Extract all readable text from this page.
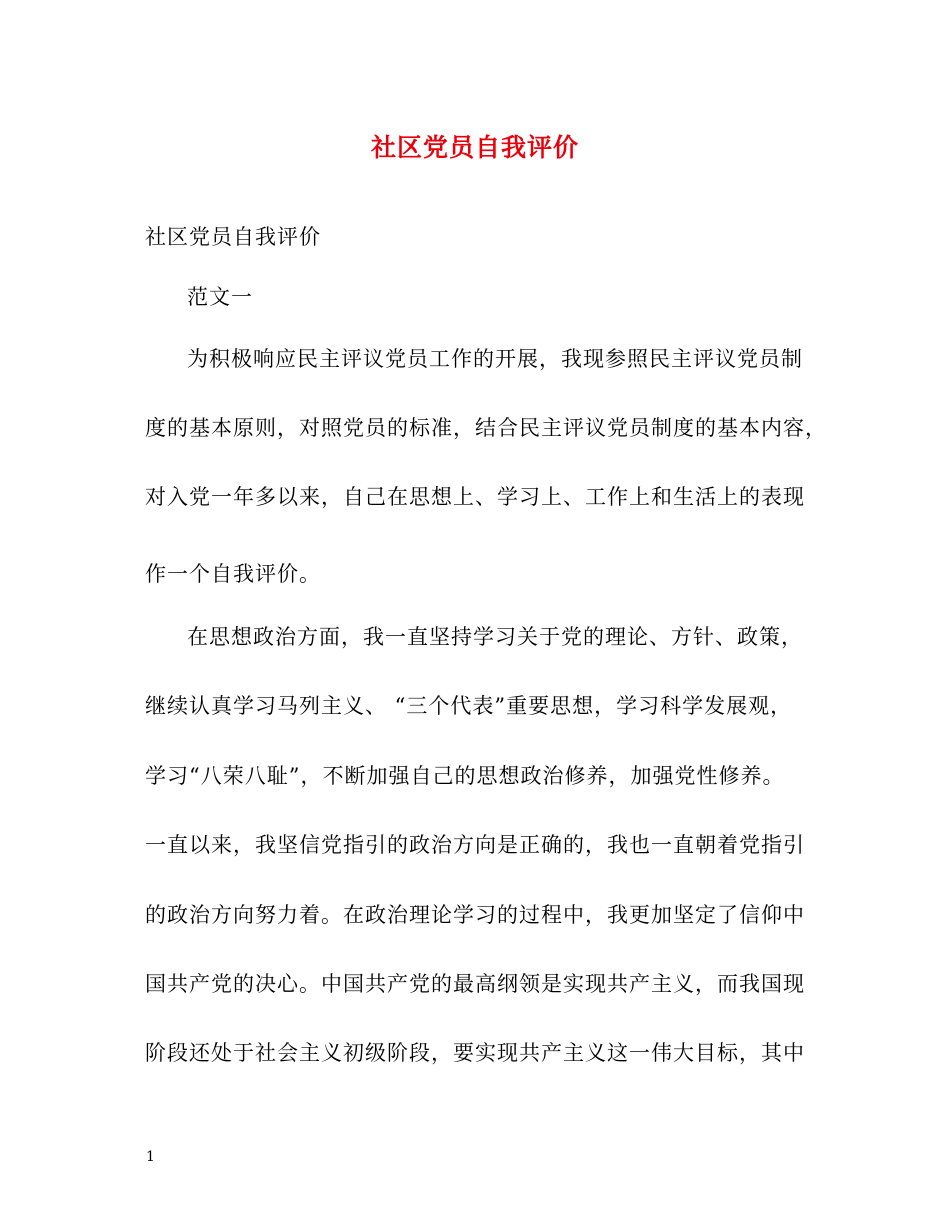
社区党员自我评价
社区党员自我评价
范文一
为积极响应民主评议党员工作的开展，我现参照民主评议党员制
度的基本原则，对照党员的标准，结合民主评议党员制度的基本内容，
对入党一年多以来，自己在思想上、学习上、工作上和生活上的表现
作一个自我评价。
在思想政治方面，我一直坚持学习关于党的理论、方针、政策，
继续认真学习马列主义、 “三个代表”重要思想，学习科学发展观，
学习“八荣八耻”，不断加强自己的思想政治修养，加强党性修养。
一直以来，我坚信党指引的政治方向是正确的，我也一直朝着党指引
的政治方向努力着。在政治理论学习的过程中，我更加坚定了信仰中
国共产党的决心。中国共产党的最高纲领是实现共产主义，而我国现
阶段还处于社会主义初级阶段，要实现共产主义这一伟大目标，其中
1
